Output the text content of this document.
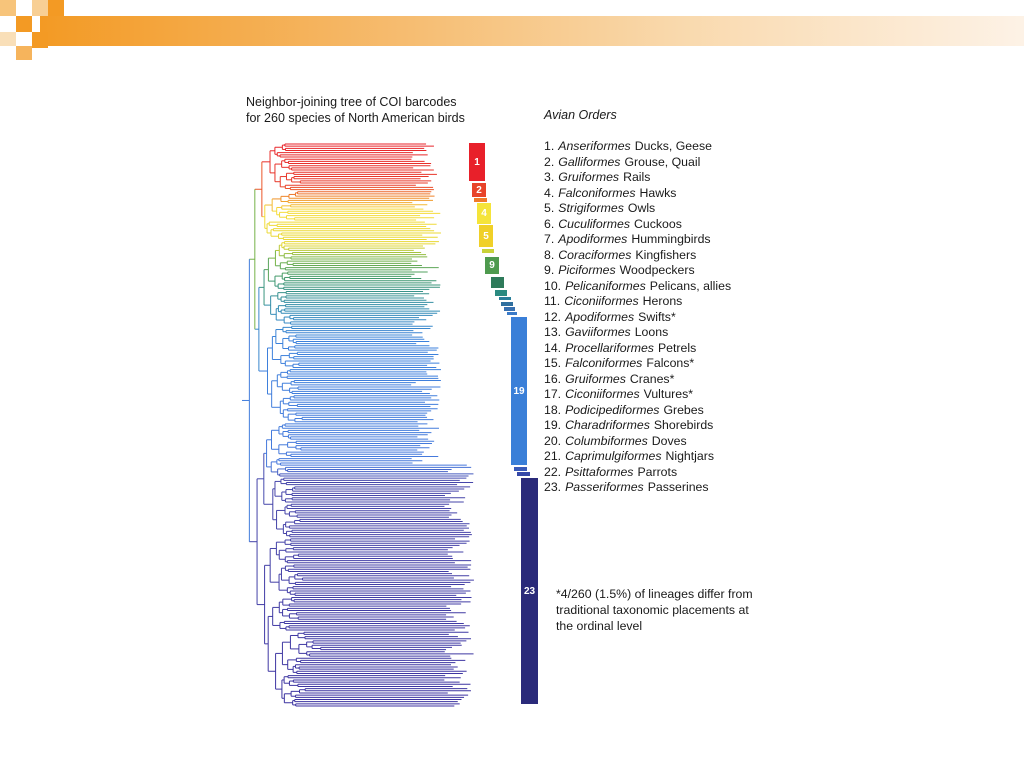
Neighbor-joining tree of COI barcodes
for 260 species of North American birds	Avian Orders
1
2
4
5
9
19
23
1. Anseriformes Ducks, Geese
2. Galliformes Grouse, Quail
3. Gruiformes Rails
4. Falconiformes Hawks
5. Strigiformes Owls
6. Cuculiformes Cuckoos
7. Apodiformes Hummingbirds
8. Coraciformes Kingfishers
9. Piciformes Woodpeckers
10. Pelicaniformes Pelicans, allies
11. Ciconiiformes Herons
12. Apodiformes Swifts*
13. Gaviiformes Loons
14. Procellariformes Petrels
15. Falconiformes Falcons*
16. Gruiformes Cranes*
17. Ciconiiformes Vultures*
18. Podicipediformes Grebes
19. Charadriformes Shorebirds
20. Columbiformes Doves
21. Caprimulgiformes Nightjars
22. Psittaformes Parrots
23. Passeriformes Passerines
*4/260 (1.5%) of lineages differ from traditional taxonomic placements at the ordinal level
